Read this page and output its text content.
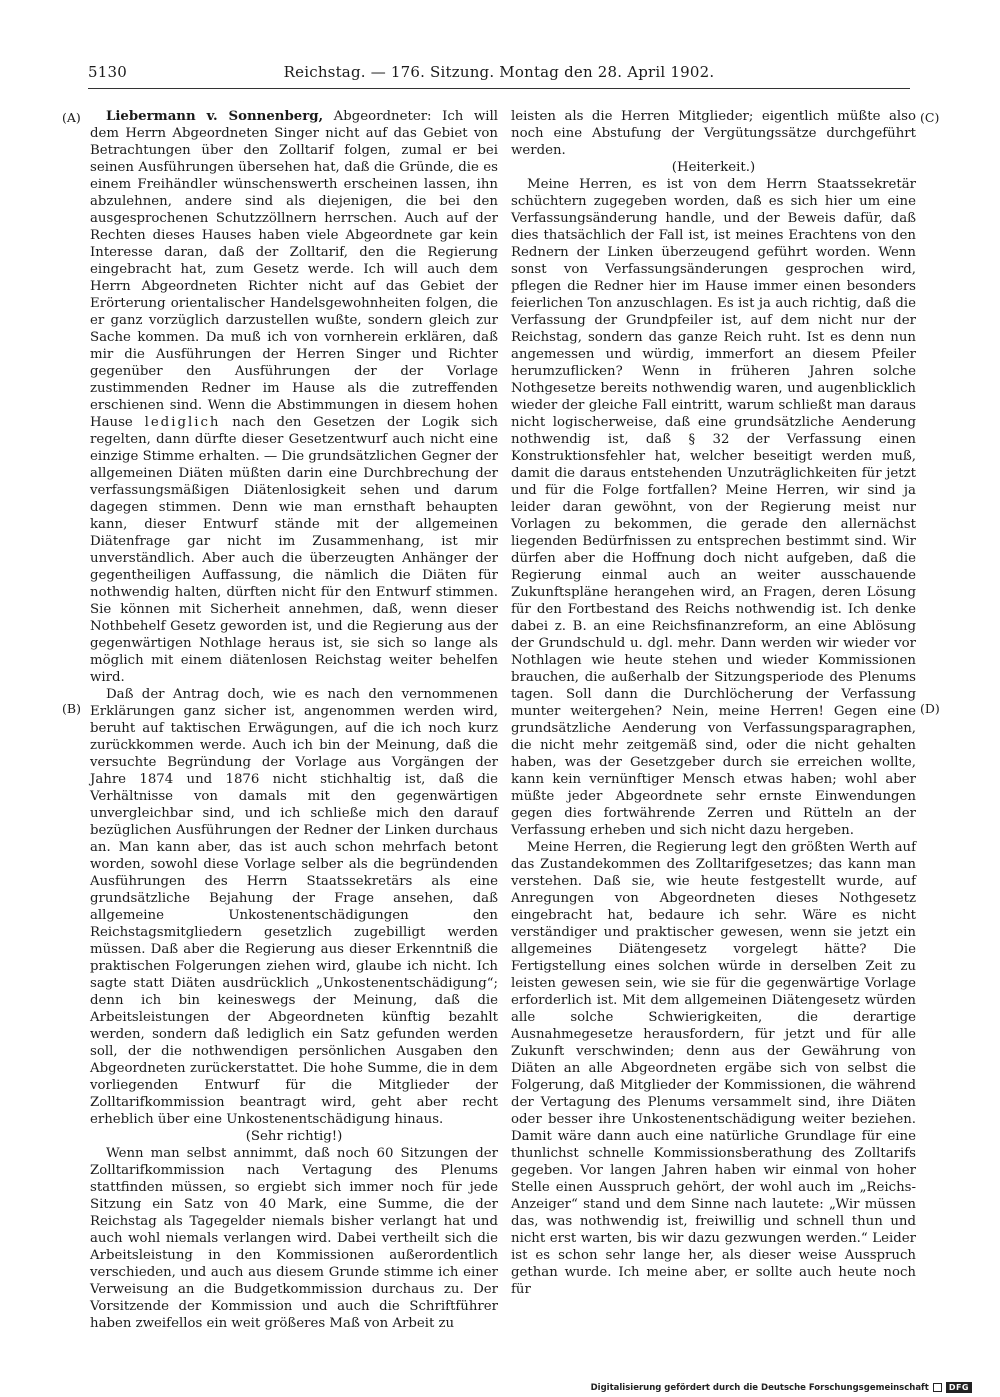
5130	Reichstag. — 176. Sitzung. Montag den 28. April 1902.
(A)
(B)
(C)
(D)

Liebermann v. Sonnenberg, Abgeordneter: Ich will dem Herrn Abgeordneten Singer nicht auf das Gebiet von Betrachtungen über den Zolltarif folgen, zumal er bei seinen Ausführungen übersehen hat, daß die Gründe, die es einem Freihändler wünschenswerth erscheinen lassen, ihn abzulehnen, andere sind als diejenigen, die bei den ausgesprochenen Schutzzöllnern herrschen. Auch auf der Rechten dieses Hauses haben viele Abgeordnete gar kein Interesse daran, daß der Zolltarif, den die Regierung eingebracht hat, zum Gesetz werde. Ich will auch dem Herrn Abgeordneten Richter nicht auf das Gebiet der Erörterung orientalischer Handelsgewohnheiten folgen, die er ganz vorzüglich darzustellen wußte, sondern gleich zur Sache kommen. Da muß ich von vornherein erklären, daß mir die Ausführungen der Herren Singer und Richter gegenüber den Ausführungen der der Vorlage zustimmenden Redner im Hause als die zutreffenden erschienen sind. Wenn die Abstimmungen in diesem hohen Hause lediglich nach den Gesetzen der Logik sich regelten, dann dürfte dieser Gesetzentwurf auch nicht eine einzige Stimme erhalten. — Die grundsätzlichen Gegner der allgemeinen Diäten müßten darin eine Durchbrechung der verfassungsmäßigen Diätenlosigkeit sehen und darum dagegen stimmen. Denn wie man ernsthaft behaupten kann, dieser Entwurf stände mit der allgemeinen Diätenfrage gar nicht im Zusammenhang, ist mir unverständlich. Aber auch die überzeugten Anhänger der gegentheiligen Auffassung, die nämlich die Diäten für nothwendig halten, dürften nicht für den Entwurf stimmen. Sie können mit Sicherheit annehmen, daß, wenn dieser Nothbehelf Gesetz geworden ist, und die Regierung aus der gegenwärtigen Nothlage heraus ist, sie sich so lange als möglich mit einem diätenlosen Reichstag weiter behelfen wird.

Daß der Antrag doch, wie es nach den vernommenen Erklärungen ganz sicher ist, angenommen werden wird, beruht auf taktischen Erwägungen, auf die ich noch kurz zurückkommen werde. Auch ich bin der Meinung, daß die versuchte Begründung der Vorlage aus Vorgängen der Jahre 1874 und 1876 nicht stichhaltig ist, daß die Verhältnisse von damals mit den gegenwärtigen unvergleichbar sind, und ich schließe mich den darauf bezüglichen Ausführungen der Redner der Linken durchaus an. Man kann aber, das ist auch schon mehrfach betont worden, sowohl diese Vorlage selber als die begründenden Ausführungen des Herrn Staatssekretärs als eine grundsätzliche Bejahung der Frage ansehen, daß allgemeine Unkostenentschädigungen den Reichstagsmitgliedern gesetzlich zugebilligt werden müssen. Daß aber die Regierung aus dieser Erkenntniß die praktischen Folgerungen ziehen wird, glaube ich nicht. Ich sagte statt Diäten ausdrücklich „Unkostenentschädigung“; denn ich bin keineswegs der Meinung, daß die Arbeitsleistungen der Abgeordneten künftig bezahlt werden, sondern daß lediglich ein Satz gefunden werden soll, der die nothwendigen persönlichen Ausgaben den Abgeordneten zurückerstattet. Die hohe Summe, die in dem vorliegenden Entwurf für die Mitglieder der Zolltarifkommission beantragt wird, geht aber recht erheblich über eine Unkostenentschädigung hinaus.

(Sehr richtig!)

Wenn man selbst annimmt, daß noch 60 Sitzungen der Zolltarifkommission nach Vertagung des Plenums stattfinden müssen, so ergiebt sich immer noch für jede Sitzung ein Satz von 40 Mark, eine Summe, die der Reichstag als Tagegelder niemals bisher verlangt hat und auch wohl niemals verlangen wird. Dabei vertheilt sich die Arbeitsleistung in den Kommissionen außerordentlich verschieden, und auch aus diesem Grunde stimme ich einer Verweisung an die Budgetkommission durchaus zu. Der Vorsitzende der Kommission und auch die Schriftführer haben zweifellos ein weit größeres Maß von Arbeit zu

leisten als die Herren Mitglieder; eigentlich müßte also noch eine Abstufung der Vergütungssätze durchgeführt werden.

(Heiterkeit.)

Meine Herren, es ist von dem Herrn Staatssekretär schüchtern zugegeben worden, daß es sich hier um eine Verfassungsänderung handle, und der Beweis dafür, daß dies thatsächlich der Fall ist, ist meines Erachtens von den Rednern der Linken überzeugend geführt worden. Wenn sonst von Verfassungsänderungen gesprochen wird, pflegen die Redner hier im Hause immer einen besonders feierlichen Ton anzuschlagen. Es ist ja auch richtig, daß die Verfassung der Grundpfeiler ist, auf dem nicht nur der Reichstag, sondern das ganze Reich ruht. Ist es denn nun angemessen und würdig, immerfort an diesem Pfeiler herumzuflicken? Wenn in früheren Jahren solche Nothgesetze bereits nothwendig waren, und augenblicklich wieder der gleiche Fall eintritt, warum schließt man daraus nicht logischerweise, daß eine grundsätzliche Aenderung nothwendig ist, daß § 32 der Verfassung einen Konstruktionsfehler hat, welcher beseitigt werden muß, damit die daraus entstehenden Unzuträglichkeiten für jetzt und für die Folge fortfallen? Meine Herren, wir sind ja leider daran gewöhnt, von der Regierung meist nur Vorlagen zu bekommen, die gerade den allernächst liegenden Bedürfnissen zu entsprechen bestimmt sind. Wir dürfen aber die Hoffnung doch nicht aufgeben, daß die Regierung einmal auch an weiter ausschauende Zukunftspläne herangehen wird, an Fragen, deren Lösung für den Fortbestand des Reichs nothwendig ist. Ich denke dabei z. B. an eine Reichsfinanzreform, an eine Ablösung der Grundschuld u. dgl. mehr. Dann werden wir wieder vor Nothlagen wie heute stehen und wieder Kommissionen brauchen, die außerhalb der Sitzungsperiode des Plenums tagen. Soll dann die Durchlöcherung der Verfassung munter weitergehen? Nein, meine Herren! Gegen eine grundsätzliche Aenderung von Verfassungsparagraphen, die nicht mehr zeitgemäß sind, oder die nicht gehalten haben, was der Gesetzgeber durch sie erreichen wollte, kann kein vernünftiger Mensch etwas haben; wohl aber müßte jeder Abgeordnete sehr ernste Einwendungen gegen dies fortwährende Zerren und Rütteln an der Verfassung erheben und sich nicht dazu hergeben.

Meine Herren, die Regierung legt den größten Werth auf das Zustandekommen des Zolltarifgesetzes; das kann man verstehen. Daß sie, wie heute festgestellt wurde, auf Anregungen von Abgeordneten dieses Nothgesetz eingebracht hat, bedaure ich sehr. Wäre es nicht verständiger und praktischer gewesen, wenn sie jetzt ein allgemeines Diätengesetz vorgelegt hätte? Die Fertigstellung eines solchen würde in derselben Zeit zu leisten gewesen sein, wie sie für die gegenwärtige Vorlage erforderlich ist. Mit dem allgemeinen Diätengesetz würden alle solche Schwierigkeiten, die derartige Ausnahmegesetze herausfordern, für jetzt und für alle Zukunft verschwinden; denn aus der Gewährung von Diäten an alle Abgeordneten ergäbe sich von selbst die Folgerung, daß Mitglieder der Kommissionen, die während der Vertagung des Plenums versammelt sind, ihre Diäten oder besser ihre Unkostenentschädigung weiter beziehen. Damit wäre dann auch eine natürliche Grundlage für eine thunlichst schnelle Kommissionsberathung des Zolltarifs gegeben. Vor langen Jahren haben wir einmal von hoher Stelle einen Ausspruch gehört, der wohl auch im „Reichs-Anzeiger“ stand und dem Sinne nach lautete: „Wir müssen das, was nothwendig ist, freiwillig und schnell thun und nicht erst warten, bis wir dazu gezwungen werden.“ Leider ist es schon sehr lange her, als dieser weise Ausspruch gethan wurde. Ich meine aber, er sollte auch heute noch für

Digitalisierung gefördert durch die Deutsche Forschungsgemeinschaft	DFG
